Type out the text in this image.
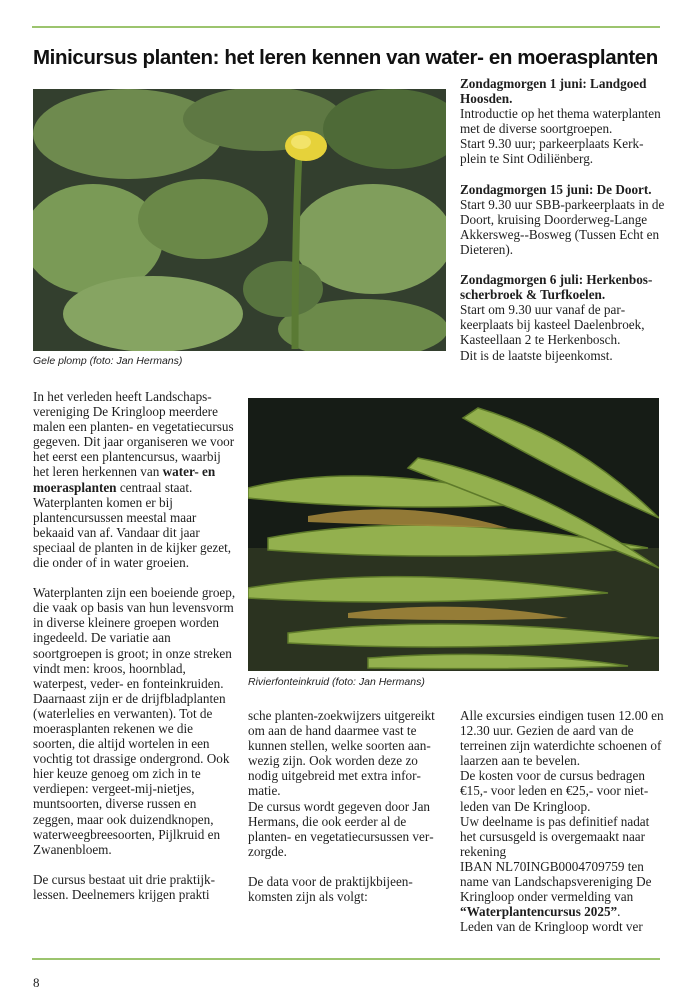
Minicursus planten: het leren kennen van water- en moerasplanten
Gele plomp (foto: Jan Hermans)

Zondagmorgen 1 juni: Landgoed Hoosden.
Introductie op het thema waterplanten met de diverse soortgroepen.
Start 9.30 uur; parkeerplaats Kerkplein te Sint Odiliënberg.

Zondagmorgen 15 juni: De Doort.
Start 9.30 uur SBB-parkeerplaats in de Doort, kruising Doorderweg-Lange Akkersweg--Bosweg (Tussen Echt en Dieteren).

Zondagmorgen 6 juli: Herkenbosscherbroek & Turfkoelen.
Start om 9.30 uur vanaf de parkeerplaats bij kasteel Daelenbroek, Kasteellaan 2 te Herkenbosch.
Dit is de laatste bijeenkomst.

In het verleden heeft Landschapsvereniging De Kringloop meerdere malen een planten- en vegetatiecursus gegeven. Dit jaar organiseren we voor het eerst een plantencursus, waarbij het leren herkennen van water- en moerasplanten centraal staat. Waterplanten komen er bij plantencursussen meestal maar bekaaid van af. Vandaar dit jaar speciaal de planten in de kijker gezet, die onder of in water groeien.

Waterplanten zijn een boeiende groep, die vaak op basis van hun levensvorm in diverse kleinere groepen worden ingedeeld. De variatie aan soortgroepen is groot; in onze streken vindt men: kroos, hoornblad, waterpest, veder- en fonteinkruiden. Daarnaast zijn er de drijfbladplanten (waterlelies en verwanten). Tot de moerasplanten rekenen we die soorten, die altijd wortelen in een vochtig tot drassige ondergrond. Ook hier keuze genoeg om zich in te verdiepen: vergeet-mij-nietjes, muntsoorten, diverse russen en zeggen, maar ook duizendknopen, waterweegbreesoorten, Pijlkruid en Zwanenbloem.

De cursus bestaat uit drie praktijklessen. Deelnemers krijgen prakti

Rivierfonteinkruid (foto: Jan Hermans)

sche planten-zoekwijzers uitgereikt om aan de hand daarmee vast te kunnen stellen, welke soorten aanwezig zijn. Ook worden deze zo nodig uitgebreid met extra informatie.
De cursus wordt gegeven door Jan Hermans, die ook eerder al de planten- en vegetatiecursussen verzorgde.

De data voor de praktijkbijeenkomsten zijn als volgt:

Alle excursies eindigen tusen 12.00 en 12.30 uur. Gezien de aard van de terreinen zijn waterdichte schoenen of laarzen aan te bevelen.

De kosten voor de cursus bedragen €15,- voor leden en €25,- voor nietleden van De Kringloop.

Uw deelname is pas definitief nadat het cursusgeld is overgemaakt naar rekening

IBAN NL70INGB0004709759 ten name van Landschapsvereniging De Kringloop onder vermelding van “Waterplantencursus 2025”.

Leden van de Kringloop wordt ver

8
